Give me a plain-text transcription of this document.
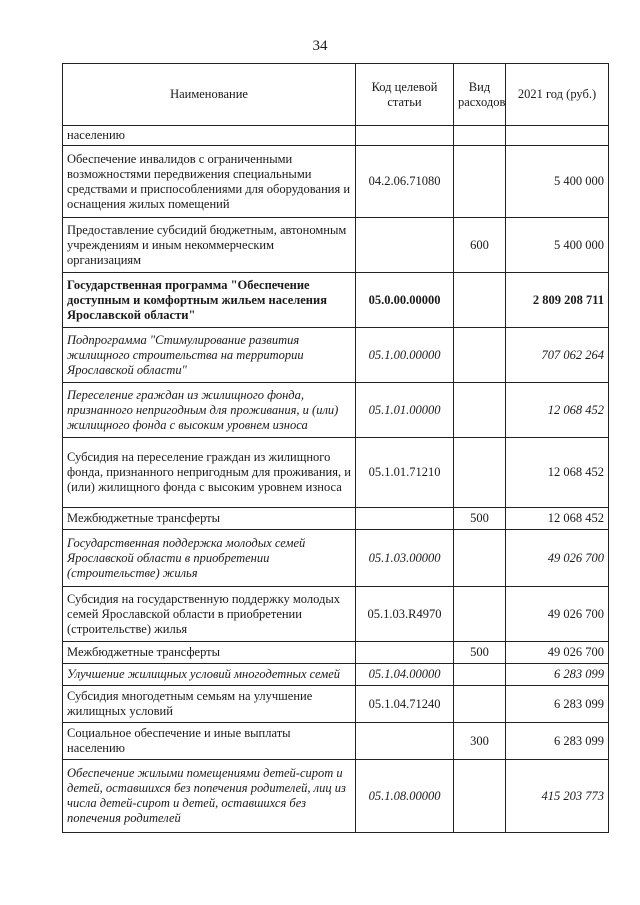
34
Наименование	Код целевой статьи	Вид расходов	2021 год (руб.)
населению			
Обеспечение инвалидов с ограниченными возможностями передвижения специальными средствами и приспособлениями для оборудования и оснащения жилых помещений	04.2.06.71080		5 400 000
Предоставление субсидий бюджетным, автономным учреждениям и иным некоммерческим организациям		600	5 400 000
Государственная программа "Обеспечение доступным и комфортным жильем населения Ярославской области"	05.0.00.00000		2 809 208 711
Подпрограмма "Стимулирование развития жилищного строительства на территории Ярославской области"	05.1.00.00000		707 062 264
Переселение граждан из жилищного фонда, признанного непригодным для проживания, и (или) жилищного фонда с высоким уровнем износа	05.1.01.00000		12 068 452
Субсидия на переселение граждан из жилищного фонда, признанного непригодным для проживания, и (или) жилищного фонда с высоким уровнем износа	05.1.01.71210		12 068 452
Межбюджетные трансферты		500	12 068 452
Государственная поддержка молодых семей Ярославской области в приобретении (строительстве) жилья	05.1.03.00000		49 026 700
Субсидия на государственную поддержку молодых семей Ярославской области в приобретении (строительстве) жилья	05.1.03.R4970		49 026 700
Межбюджетные трансферты		500	49 026 700
Улучшение жилищных условий многодетных семей	05.1.04.00000		6 283 099
Субсидия многодетным семьям на улучшение жилищных условий	05.1.04.71240		6 283 099
Социальное обеспечение и иные выплаты населению		300	6 283 099
Обеспечение жилыми помещениями детей-сирот и детей, оставшихся без попечения родителей, лиц из числа детей-сирот и детей, оставшихся без попечения родителей	05.1.08.00000		415 203 773
